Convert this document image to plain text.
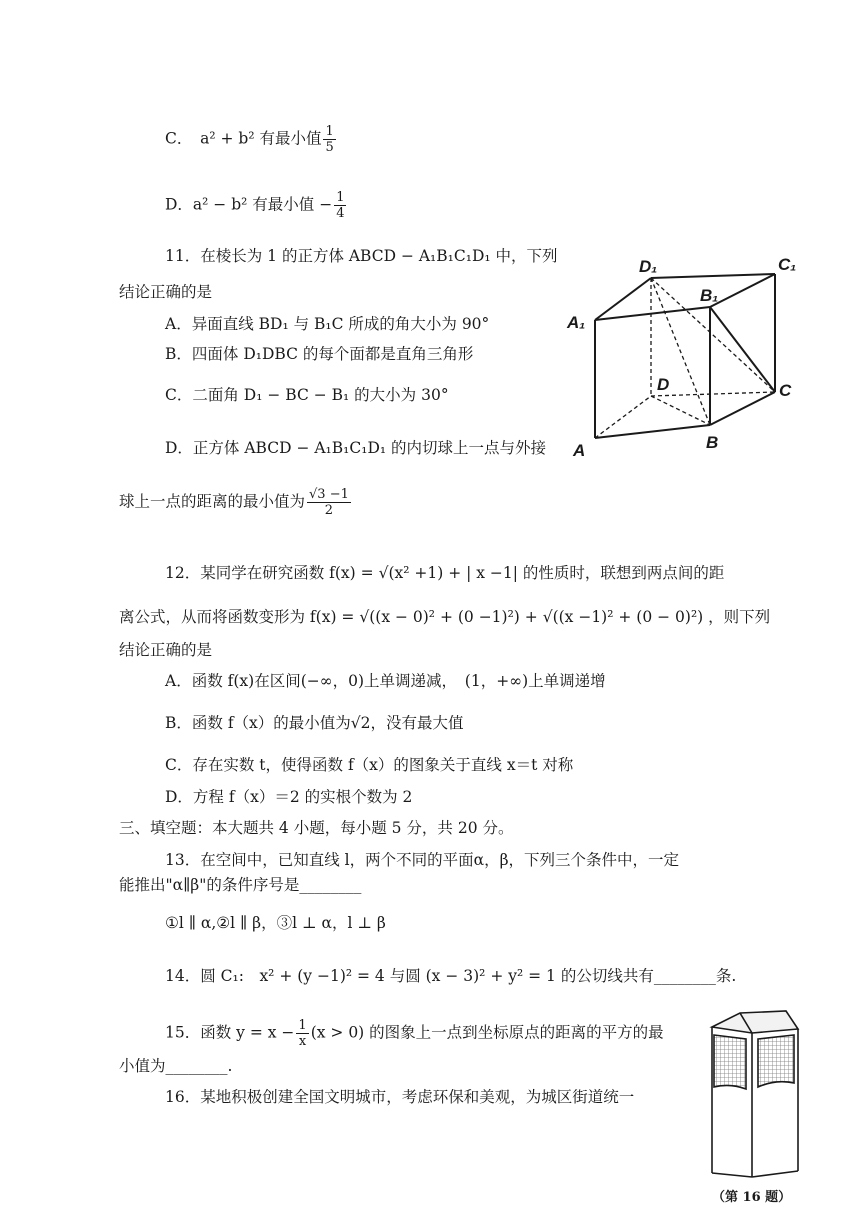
C．　a² + b² 有最小值 $\frac{1}{5}$
D．a² − b² 有最小值 − $\frac{1}{4}$
11．在棱长为 1 的正方体 ABCD − A₁B₁C₁D₁ 中，下列
结论正确的是
A．异面直线 BD₁ 与 B₁C 所成的角大小为 90°
B．四面体 D₁DBC 的每个面都是直角三角形
C．二面角 D₁ − BC − B₁ 的大小为 30°
D．正方体 ABCD − A₁B₁C₁D₁ 的内切球上一点与外接
球上一点的距离的最小值为 $\frac{√3 -1}{2}$
D₁	C₁
B₁
A₁
D	C
B
A
12．某同学在研究函数 f(x) = √(x² +1) + | x −1| 的性质时，联想到两点间的距
离公式，从而将函数变形为 f(x) = √((x − 0)² + (0 −1)²) + √((x −1)² + (0 − 0)²) ，则下列
结论正确的是
A．函数 f(x)在区间(−∞，0)上单调递减，　(1，+∞)上单调递增
B．函数 f（x）的最小值为√2，没有最大值
C．存在实数 t，使得函数 f（x）的图象关于直线 x＝t 对称
D．方程 f（x）＝2 的实根个数为 2
三、填空题：本大题共 4 小题，每小题 5 分，共 20 分。
13．在空间中，已知直线 l，两个不同的平面α，β，下列三个条件中，一定
能推出"α∥β"的条件序号是________
①l ∥ α,②l ∥ β，③l ⊥ α，l ⊥ β
14．圆 C₁:　x² + (y −1)² = 4 与圆 (x − 3)² + y² = 1 的公切线共有________条.
15．函数 $y = x - \frac{1}{x} (x > 0)$ 的图象上一点到坐标原点的距离的平方的最
小值为________.
16．某地积极创建全国文明城市，考虑环保和美观，为城区街道统一
（第 16 题）
